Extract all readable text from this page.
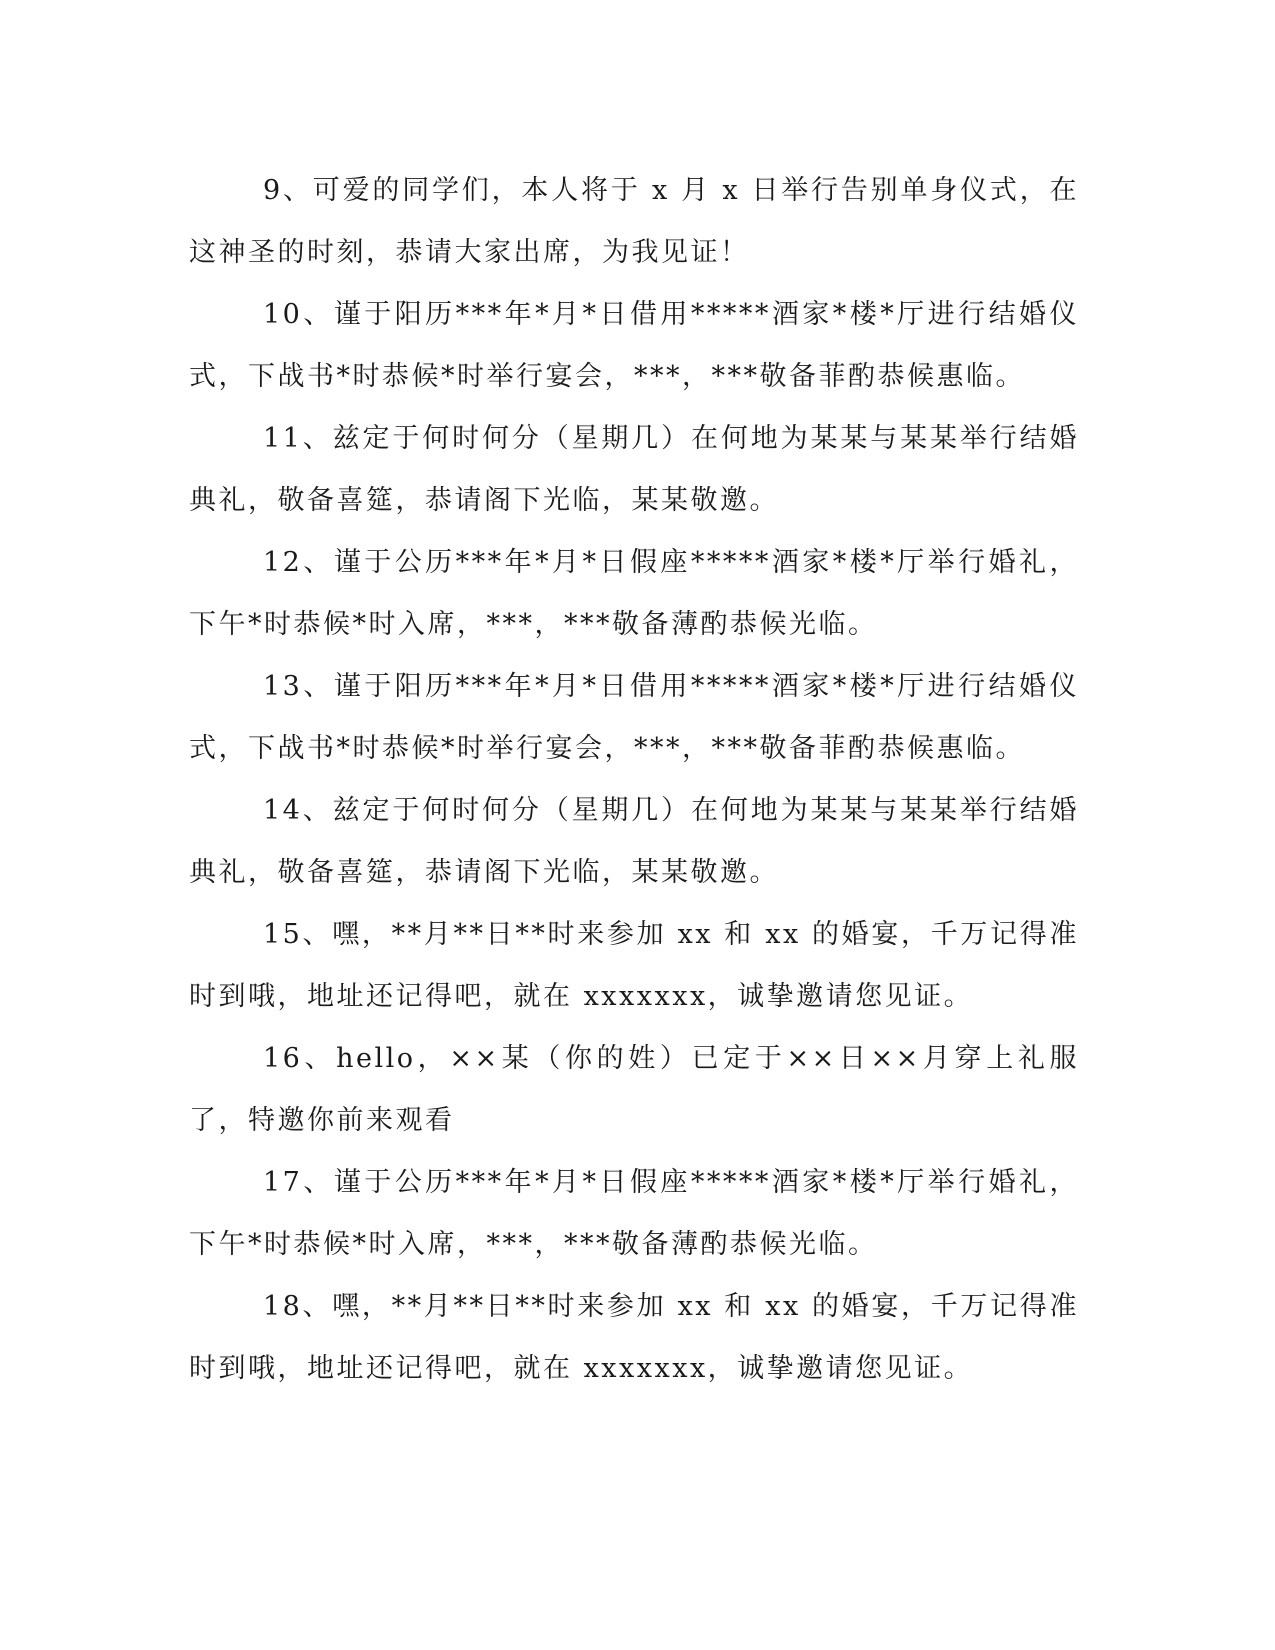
9、可爱的同学们，本人将于 x 月 x 日举行告别单身仪式，在这神圣的时刻，恭请大家出席，为我见证！

10、谨于阳历***年*月*日借用*****酒家*楼*厅进行结婚仪式，下战书*时恭候*时举行宴会，***，***敬备菲酌恭候惠临。

11、兹定于何时何分（星期几）在何地为某某与某某举行结婚典礼，敬备喜筵，恭请阁下光临，某某敬邀。

12、谨于公历***年*月*日假座*****酒家*楼*厅举行婚礼，下午*时恭候*时入席，***，***敬备薄酌恭候光临。

13、谨于阳历***年*月*日借用*****酒家*楼*厅进行结婚仪式，下战书*时恭候*时举行宴会，***，***敬备菲酌恭候惠临。

14、兹定于何时何分（星期几）在何地为某某与某某举行结婚典礼，敬备喜筵，恭请阁下光临，某某敬邀。

15、嘿，**月**日**时来参加 xx 和 xx 的婚宴，千万记得准时到哦，地址还记得吧，就在 xxxxxxx，诚挚邀请您见证。

16、hello，××某（你的姓）已定于××日××月穿上礼服了，特邀你前来观看

17、谨于公历***年*月*日假座*****酒家*楼*厅举行婚礼，下午*时恭候*时入席，***，***敬备薄酌恭候光临。

18、嘿，**月**日**时来参加 xx 和 xx 的婚宴，千万记得准时到哦，地址还记得吧，就在 xxxxxxx，诚挚邀请您见证。
